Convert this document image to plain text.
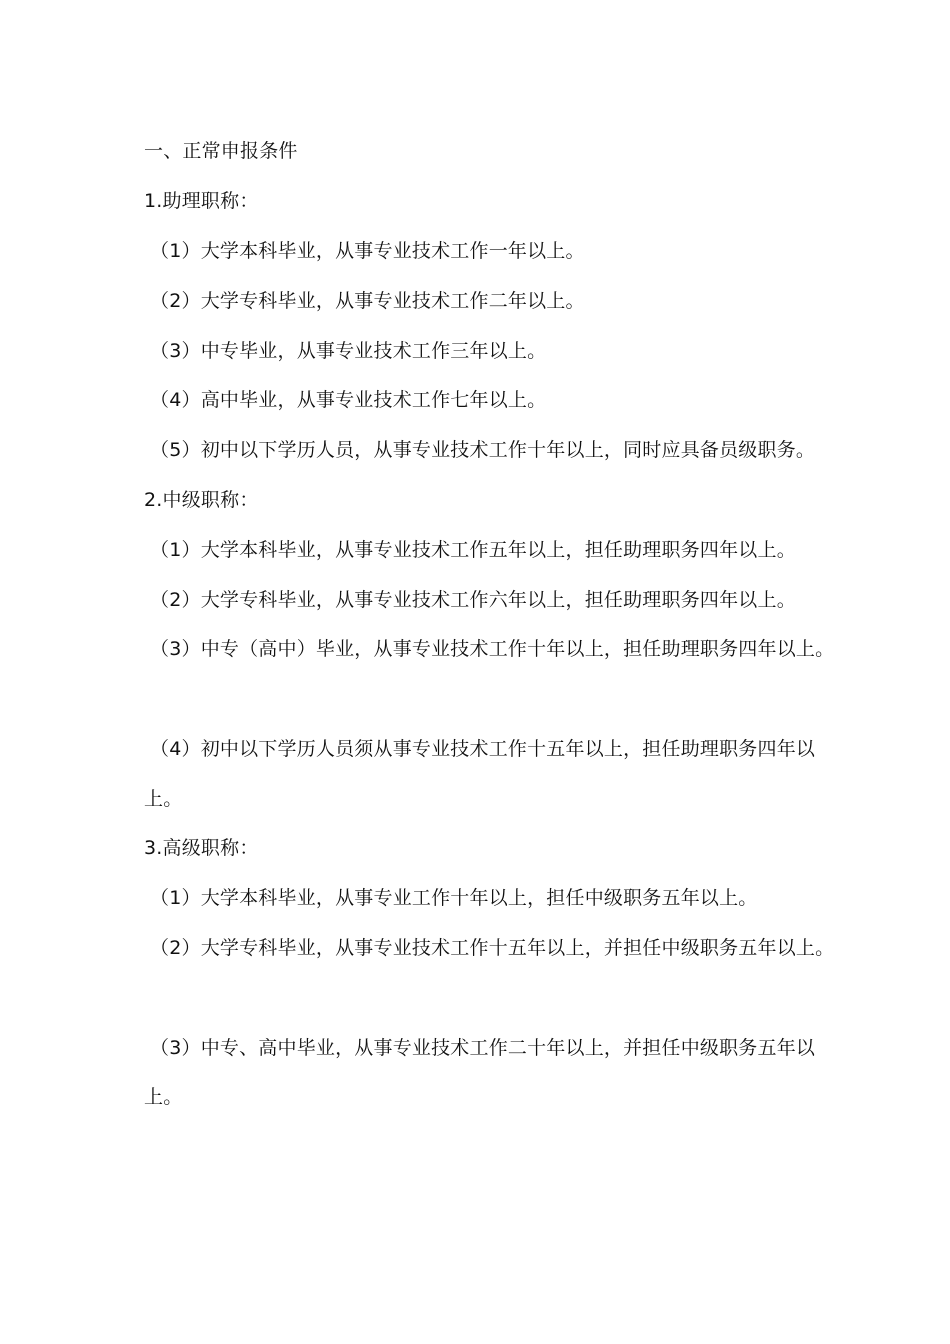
一、正常申报条件
1.助理职称：
（1）大学本科毕业，从事专业技术工作一年以上。
（2）大学专科毕业，从事专业技术工作二年以上。
（3）中专毕业，从事专业技术工作三年以上。
（4）高中毕业，从事专业技术工作七年以上。
（5）初中以下学历人员，从事专业技术工作十年以上，同时应具备员级职务。
2.中级职称：
（1）大学本科毕业，从事专业技术工作五年以上，担任助理职务四年以上。
（2）大学专科毕业，从事专业技术工作六年以上，担任助理职务四年以上。
（3）中专（高中）毕业，从事专业技术工作十年以上，担任助理职务四年以上。
（4）初中以下学历人员须从事专业技术工作十五年以上，担任助理职务四年以
上。
3.高级职称：
（1）大学本科毕业，从事专业工作十年以上，担任中级职务五年以上。
（2）大学专科毕业，从事专业技术工作十五年以上，并担任中级职务五年以上。
（3）中专、高中毕业，从事专业技术工作二十年以上，并担任中级职务五年以
上。
